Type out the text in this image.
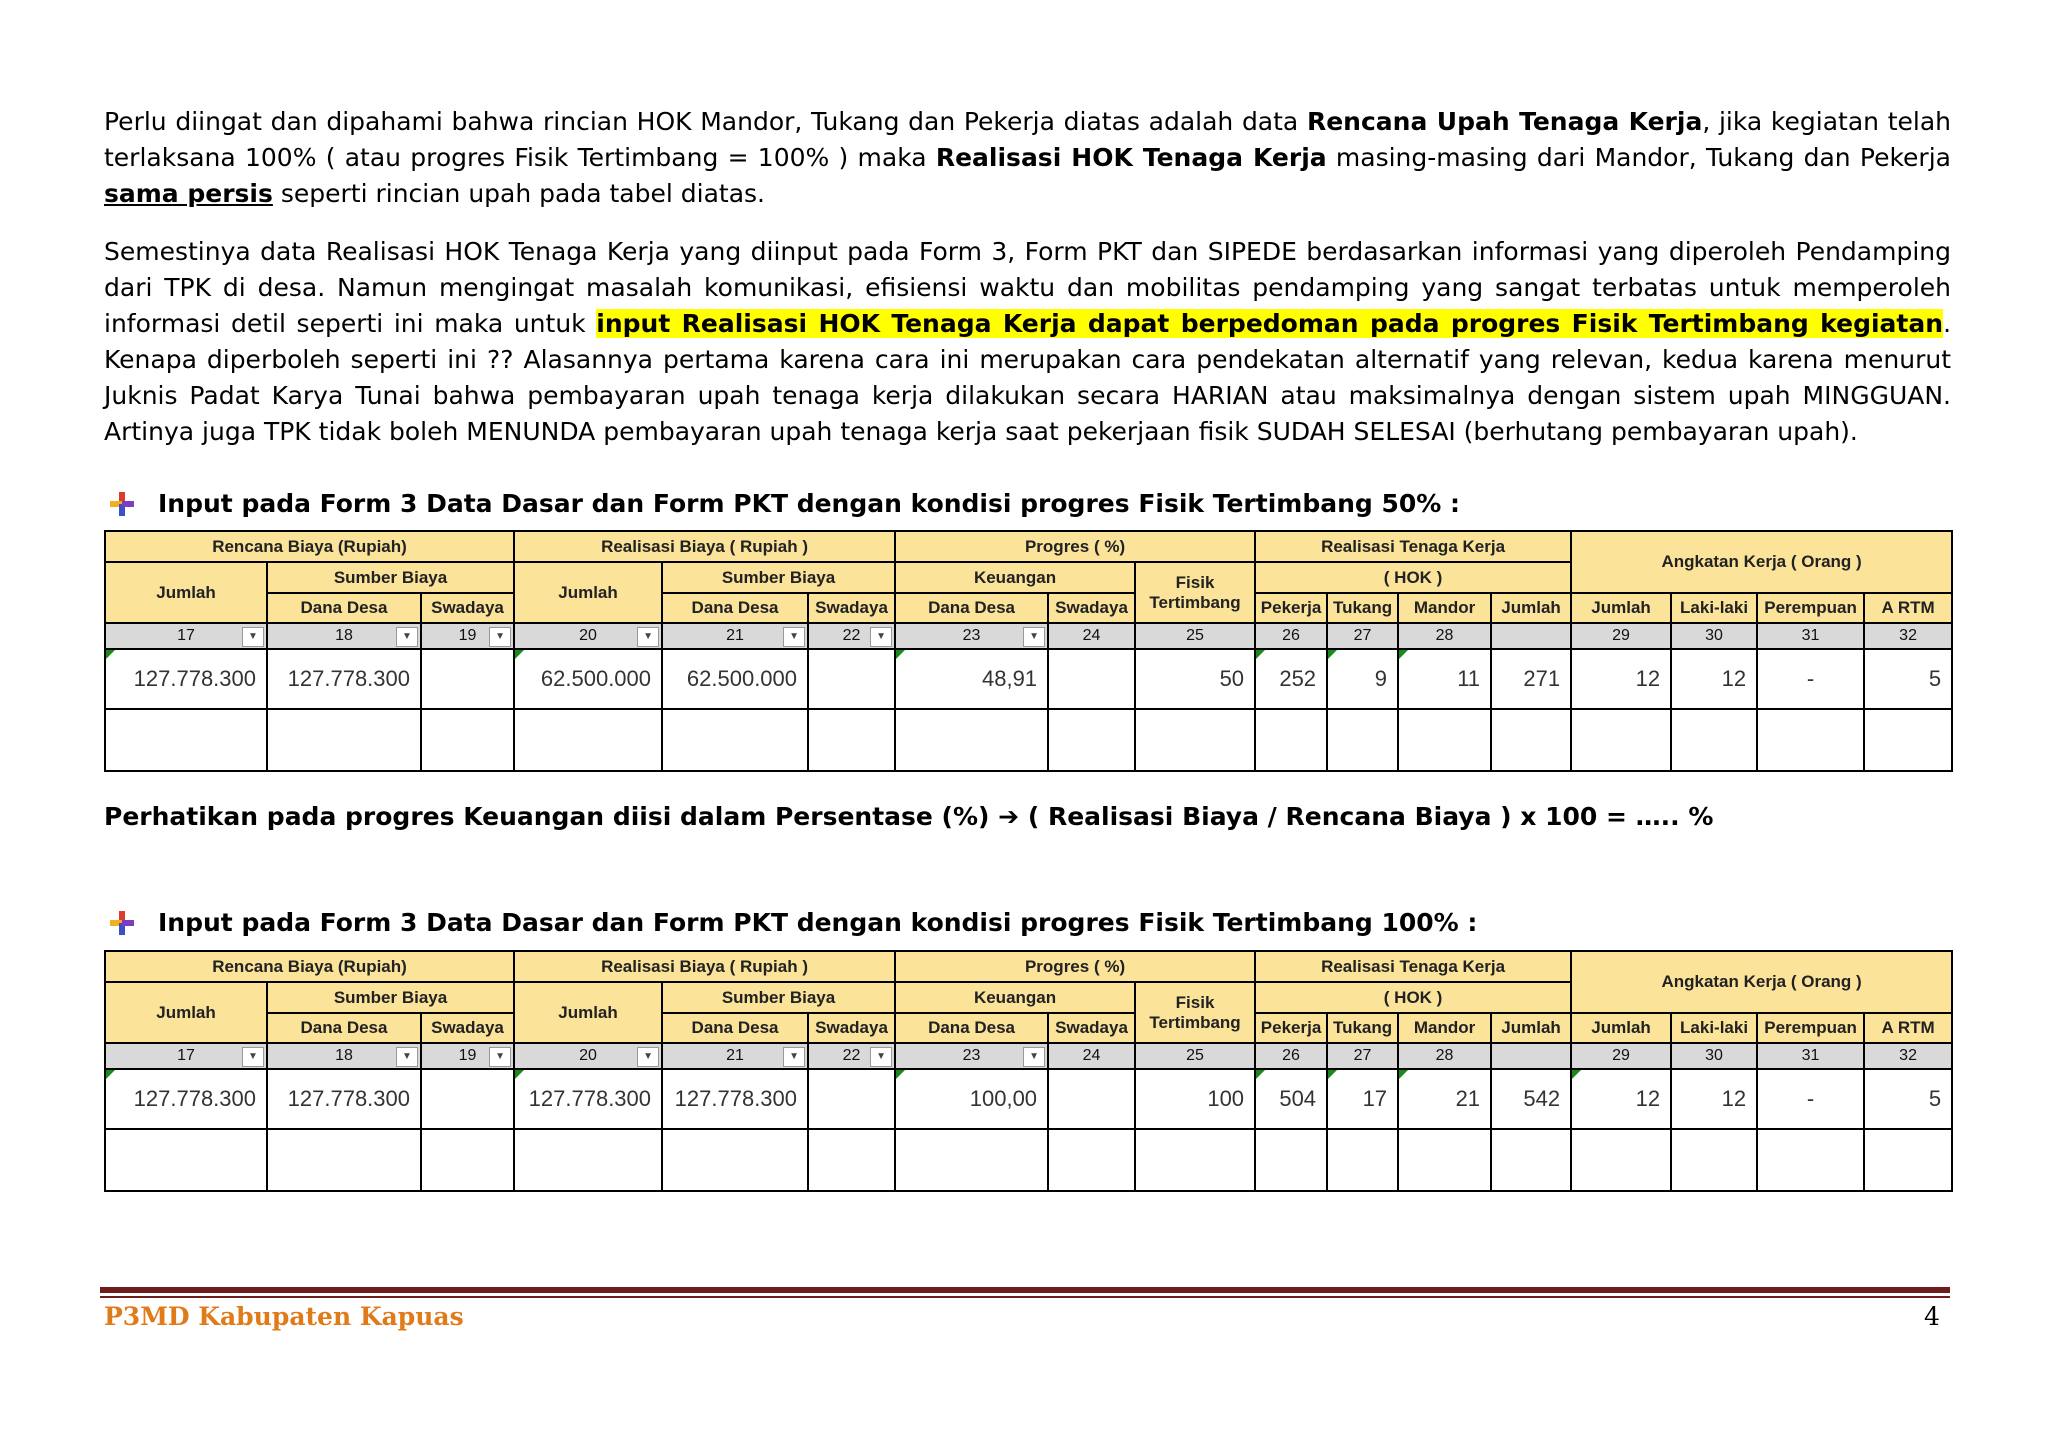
Perlu diingat dan dipahami bahwa rincian HOK Mandor, Tukang dan Pekerja diatas adalah data Rencana Upah Tenaga Kerja, jika kegiatan telah terlaksana 100% ( atau progres Fisik Tertimbang = 100% ) maka Realisasi HOK Tenaga Kerja masing-masing dari Mandor, Tukang dan Pekerja sama persis seperti rincian upah pada tabel diatas.
Semestinya data Realisasi HOK Tenaga Kerja yang diinput pada Form 3, Form PKT dan SIPEDE berdasarkan informasi yang diperoleh Pendamping dari TPK di desa. Namun mengingat masalah komunikasi, efisiensi waktu dan mobilitas pendamping yang sangat terbatas untuk memperoleh informasi detil seperti ini maka untuk input Realisasi HOK Tenaga Kerja dapat berpedoman pada progres Fisik Tertimbang kegiatan. Kenapa diperboleh seperti ini ?? Alasannya pertama karena cara ini merupakan cara pendekatan alternatif yang relevan, kedua karena menurut Juknis Padat Karya Tunai bahwa pembayaran upah tenaga kerja dilakukan secara HARIAN atau maksimalnya dengan sistem upah MINGGUAN. Artinya juga TPK tidak boleh MENUNDA pembayaran upah tenaga kerja saat pekerjaan fisik SUDAH SELESAI (berhutang pembayaran upah).
Input pada Form 3 Data Dasar dan Form PKT dengan kondisi progres Fisik Tertimbang 50% :
Rencana Biaya (Rupiah)			Realisasi Biaya ( Rupiah )			Progres ( %)			Realisasi Tenaga Kerja				Angkatan Kerja ( Orang )			
Jumlah	Sumber Biaya		Jumlah	Sumber Biaya		Keuangan		Fisik
Tertimbang	( HOK )							
	Dana Desa	Swadaya		Dana Desa	Swadaya	Dana Desa	Swadaya		Pekerja	Tukang	Mandor	Jumlah	Jumlah	Laki-laki	Perempuan	A RTM
17 ▼	18 ▼	19 ▼	20 ▼	21 ▼	22 ▼	23 ▼	24	25	26	27	28		29	30	31	32

127.778.300	127.778.300		62.500.000	62.500.000		48,91		50	252	9	11	271	12	12	-	5

Perhatikan pada progres Keuangan diisi dalam Persentase (%) ➔ ( Realisasi Biaya / Rencana Biaya ) x 100 = ….. %
Input pada Form 3 Data Dasar dan Form PKT dengan kondisi progres Fisik Tertimbang 100% :
Rencana Biaya (Rupiah)			Realisasi Biaya ( Rupiah )			Progres ( %)			Realisasi Tenaga Kerja				Angkatan Kerja ( Orang )			
Jumlah	Sumber Biaya		Jumlah	Sumber Biaya		Keuangan		Fisik
Tertimbang	( HOK )							
	Dana Desa	Swadaya		Dana Desa	Swadaya	Dana Desa	Swadaya		Pekerja	Tukang	Mandor	Jumlah	Jumlah	Laki-laki	Perempuan	A RTM
17 ▼	18 ▼	19 ▼	20 ▼	21 ▼	22 ▼	23 ▼	24	25	26	27	28		29	30	31	32

127.778.300	127.778.300		127.778.300	127.778.300		100,00		100	504	17	21	542	12	12	-	5

P3MD Kabupaten Kapuas	4
